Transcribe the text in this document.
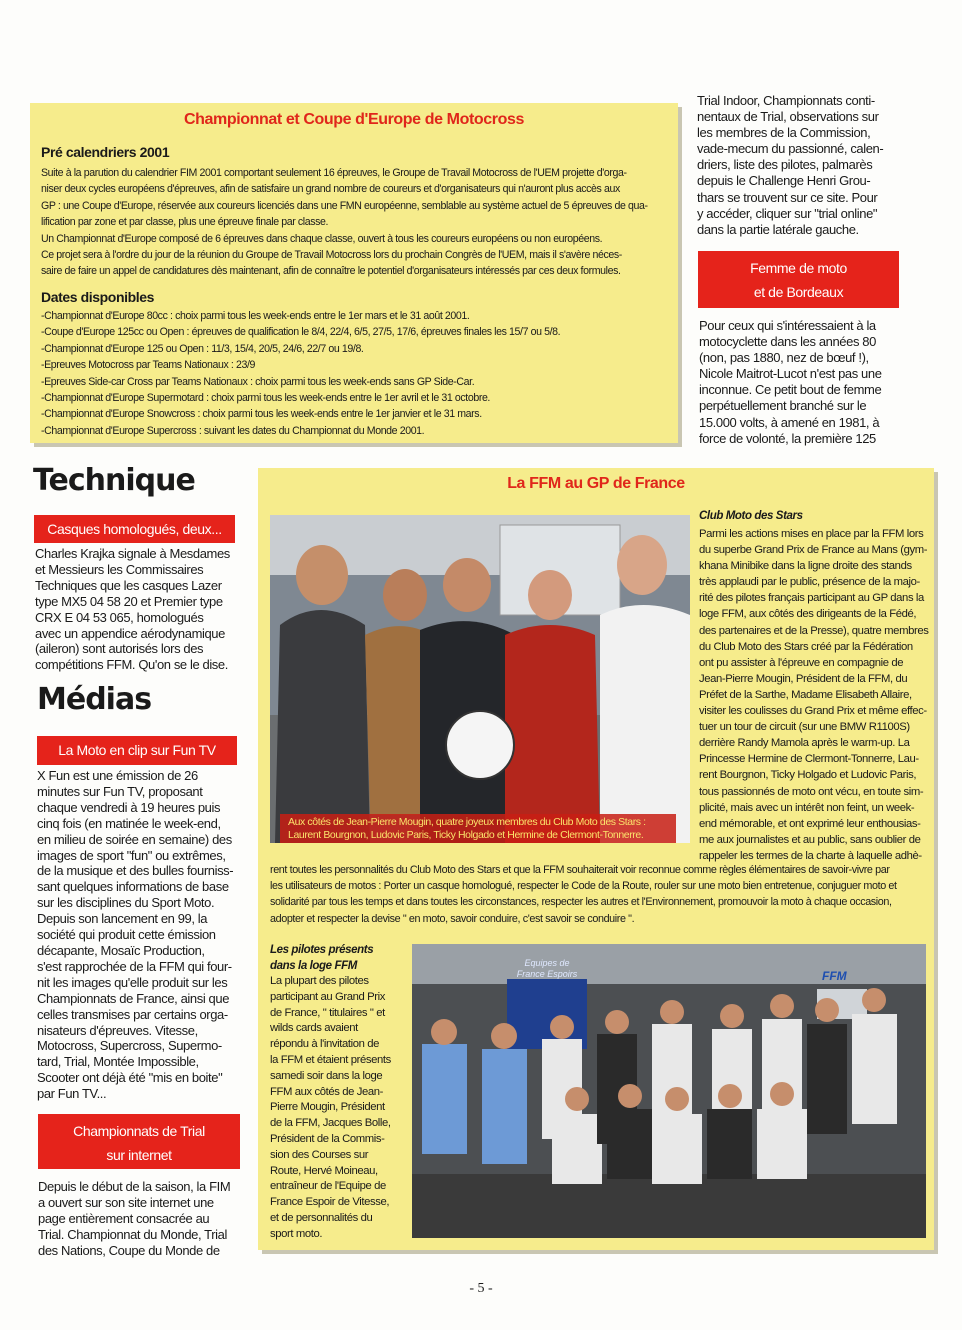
Championnat et Coupe d'Europe de Motocross
Pré calendriers 2001
Suite à la parution du calendrier FIM 2001 comportant seulement 16 épreuves, le Groupe de Travail Motocross de l'UEM projette d'orga-
niser deux cycles européens d'épreuves, afin de satisfaire un grand nombre de coureurs et d'organisateurs qui n'auront plus accès aux
GP : une Coupe d'Europe, réservée aux coureurs licenciés dans une FMN européenne, semblable au système actuel de 5 épreuves de qua-
lification par zone et par classe, plus une épreuve finale par classe.
Un Championnat d'Europe composé de 6 épreuves dans chaque classe, ouvert à tous les coureurs européens ou non européens.
Ce projet sera à l'ordre du jour de la réunion du Groupe de Travail Motocross lors du prochain Congrès de l'UEM, mais il s'avère néces-
saire de faire un appel de candidatures dès maintenant, afin de connaître le potentiel d'organisateurs intéressés par ces deux formules.
Dates disponibles
-Championnat d'Europe 80cc : choix parmi tous les week-ends entre le 1er mars et le 31 août 2001.
-Coupe d'Europe 125cc ou Open : épreuves de qualification le 8/4, 22/4, 6/5, 27/5, 17/6, épreuves finales les 15/7 ou 5/8.
-Championnat d'Europe 125 ou Open : 11/3, 15/4, 20/5, 24/6, 22/7 ou 19/8.
-Epreuves Motocross par Teams Nationaux : 23/9
-Epreuves Side-car Cross par Teams Nationaux : choix parmi tous les week-ends sans GP Side-Car.
-Championnat d'Europe Supermotard : choix parmi tous les week-ends entre le 1er avril et le 31 octobre.
-Championnat d'Europe Snowcross : choix parmi tous les week-ends entre le 1er janvier et le 31 mars.
-Championnat d'Europe Supercross : suivant les dates du Championnat du Monde 2001.
Trial Indoor, Championnats conti-
nentaux de Trial, observations sur
les membres de la Commission,
vade-mecum du passionné, calen-
driers, liste des pilotes, palmarès
depuis le Challenge Henri Grou-
thars se trouvent sur ce site. Pour
y accéder, cliquer sur "trial online"
dans la partie latérale gauche.
Femme de moto
et de Bordeaux
Pour ceux qui s'intéressaient à la
motocyclette dans les années 80
(non, pas 1880, nez de bœuf !),
Nicole Maitrot-Lucot n'est pas une
inconnue. Ce petit bout de femme
perpétuellement branché sur le
15.000 volts, à amené en 1981, à
force de volonté, la première 125
Technique
Casques homologués, deux...
Charles Krajka signale à Mesdames
et Messieurs les Commissaires
Techniques que les casques Lazer
type MX5 04 58 20 et Premier type
CRX E 04 53 065, homologués
avec un appendice aérodynamique
(aileron) sont autorisés lors des
compétitions FFM. Qu'on se le dise.
Médias
La Moto en clip sur Fun TV
X Fun est une émission de 26
minutes sur Fun TV, proposant
chaque vendredi à 19 heures puis
cinq fois (en matinée le week-end,
en milieu de soirée en semaine) des
images de sport "fun" ou extrêmes,
de la musique et des bulles fourniss-
sant quelques informations de base
sur les disciplines du Sport Moto.
Depuis son lancement en 99, la
société qui produit cette émission
décapante, Mosaïc Production,
s'est rapprochée de la FFM qui four-
nit les images qu'elle produit sur les
Championnats de France, ainsi que
celles transmises par certains orga-
nisateurs d'épreuves. Vitesse,
Motocross, Supercross, Supermo-
tard, Trial, Montée Impossible,
Scooter ont déjà été "mis en boite"
par Fun TV...
Championnats de Trial
sur internet
Depuis le début de la saison, la FIM
a ouvert sur son site internet une
page entièrement consacrée au
Trial. Championnat du Monde, Trial
des Nations, Coupe du Monde de
La FFM au GP de France
Aux côtés de Jean-Pierre Mougin, quatre joyeux membres du Club Moto des Stars :
Laurent Bourgnon, Ludovic Paris, Ticky Holgado et Hermine de Clermont-Tonnerre.
Club Moto des Stars
Parmi les actions mises en place par la FFM lors
du superbe Grand Prix de France au Mans (gym-
khana Minibike dans la ligne droite des stands
très applaudi par le public, présence de la majo-
rité des pilotes français participant au GP dans la
loge FFM, aux côtés des dirigeants de la Fédé,
des partenaires et de la Presse), quatre membres
du Club Moto des Stars créé par la Fédération
ont pu assister à l'épreuve en compagnie de
Jean-Pierre Mougin, Président de la FFM, du
Préfet de la Sarthe, Madame Elisabeth Allaire,
visiter les coulisses du Grand Prix et même effec-
tuer un tour de circuit (sur une BMW R1100S)
derrière Randy Mamola après le warm-up. La
Princesse Hermine de Clermont-Tonnerre, Lau-
rent Bourgnon, Ticky Holgado et Ludovic Paris,
tous passionnés de moto ont vécu, en toute sim-
plicité, mais avec un intérêt non feint, un week-
end mémorable, et ont exprimé leur enthousias-
me aux journalistes et au public, sans oublier de
rappeler les termes de la charte à laquelle adhè-
rent toutes les personnalités du Club Moto des Stars et que la FFM souhaiterait voir reconnue comme règles élémentaires de savoir-vivre par
les utilisateurs de motos : Porter un casque homologué, respecter le Code de la Route, rouler sur une moto bien entretenue, conjuguer moto et
solidarité par tous les temps et dans toutes les circonstances, respecter les autres et l'Environnement, promouvoir la moto à chaque occasion,
adopter et respecter la devise " en moto, savoir conduire, c'est savoir se conduire ".
Les pilotes présents
dans la loge FFM
La plupart des pilotes
participant au Grand Prix
de France, " titulaires " et
wilds cards avaient
répondu à l'invitation de
la FFM et étaient présents
samedi soir dans la loge
FFM aux côtés de Jean-
Pierre Mougin, Président
de la FFM, Jacques Bolle,
Président de la Commis-
sion des Courses sur
Route, Hervé Moineau,
entraîneur de l'Equipe de
France Espoir de Vitesse,
et de personnalités du
sport moto.
Equipes de
France Espoirs	FFM
- 5 -
